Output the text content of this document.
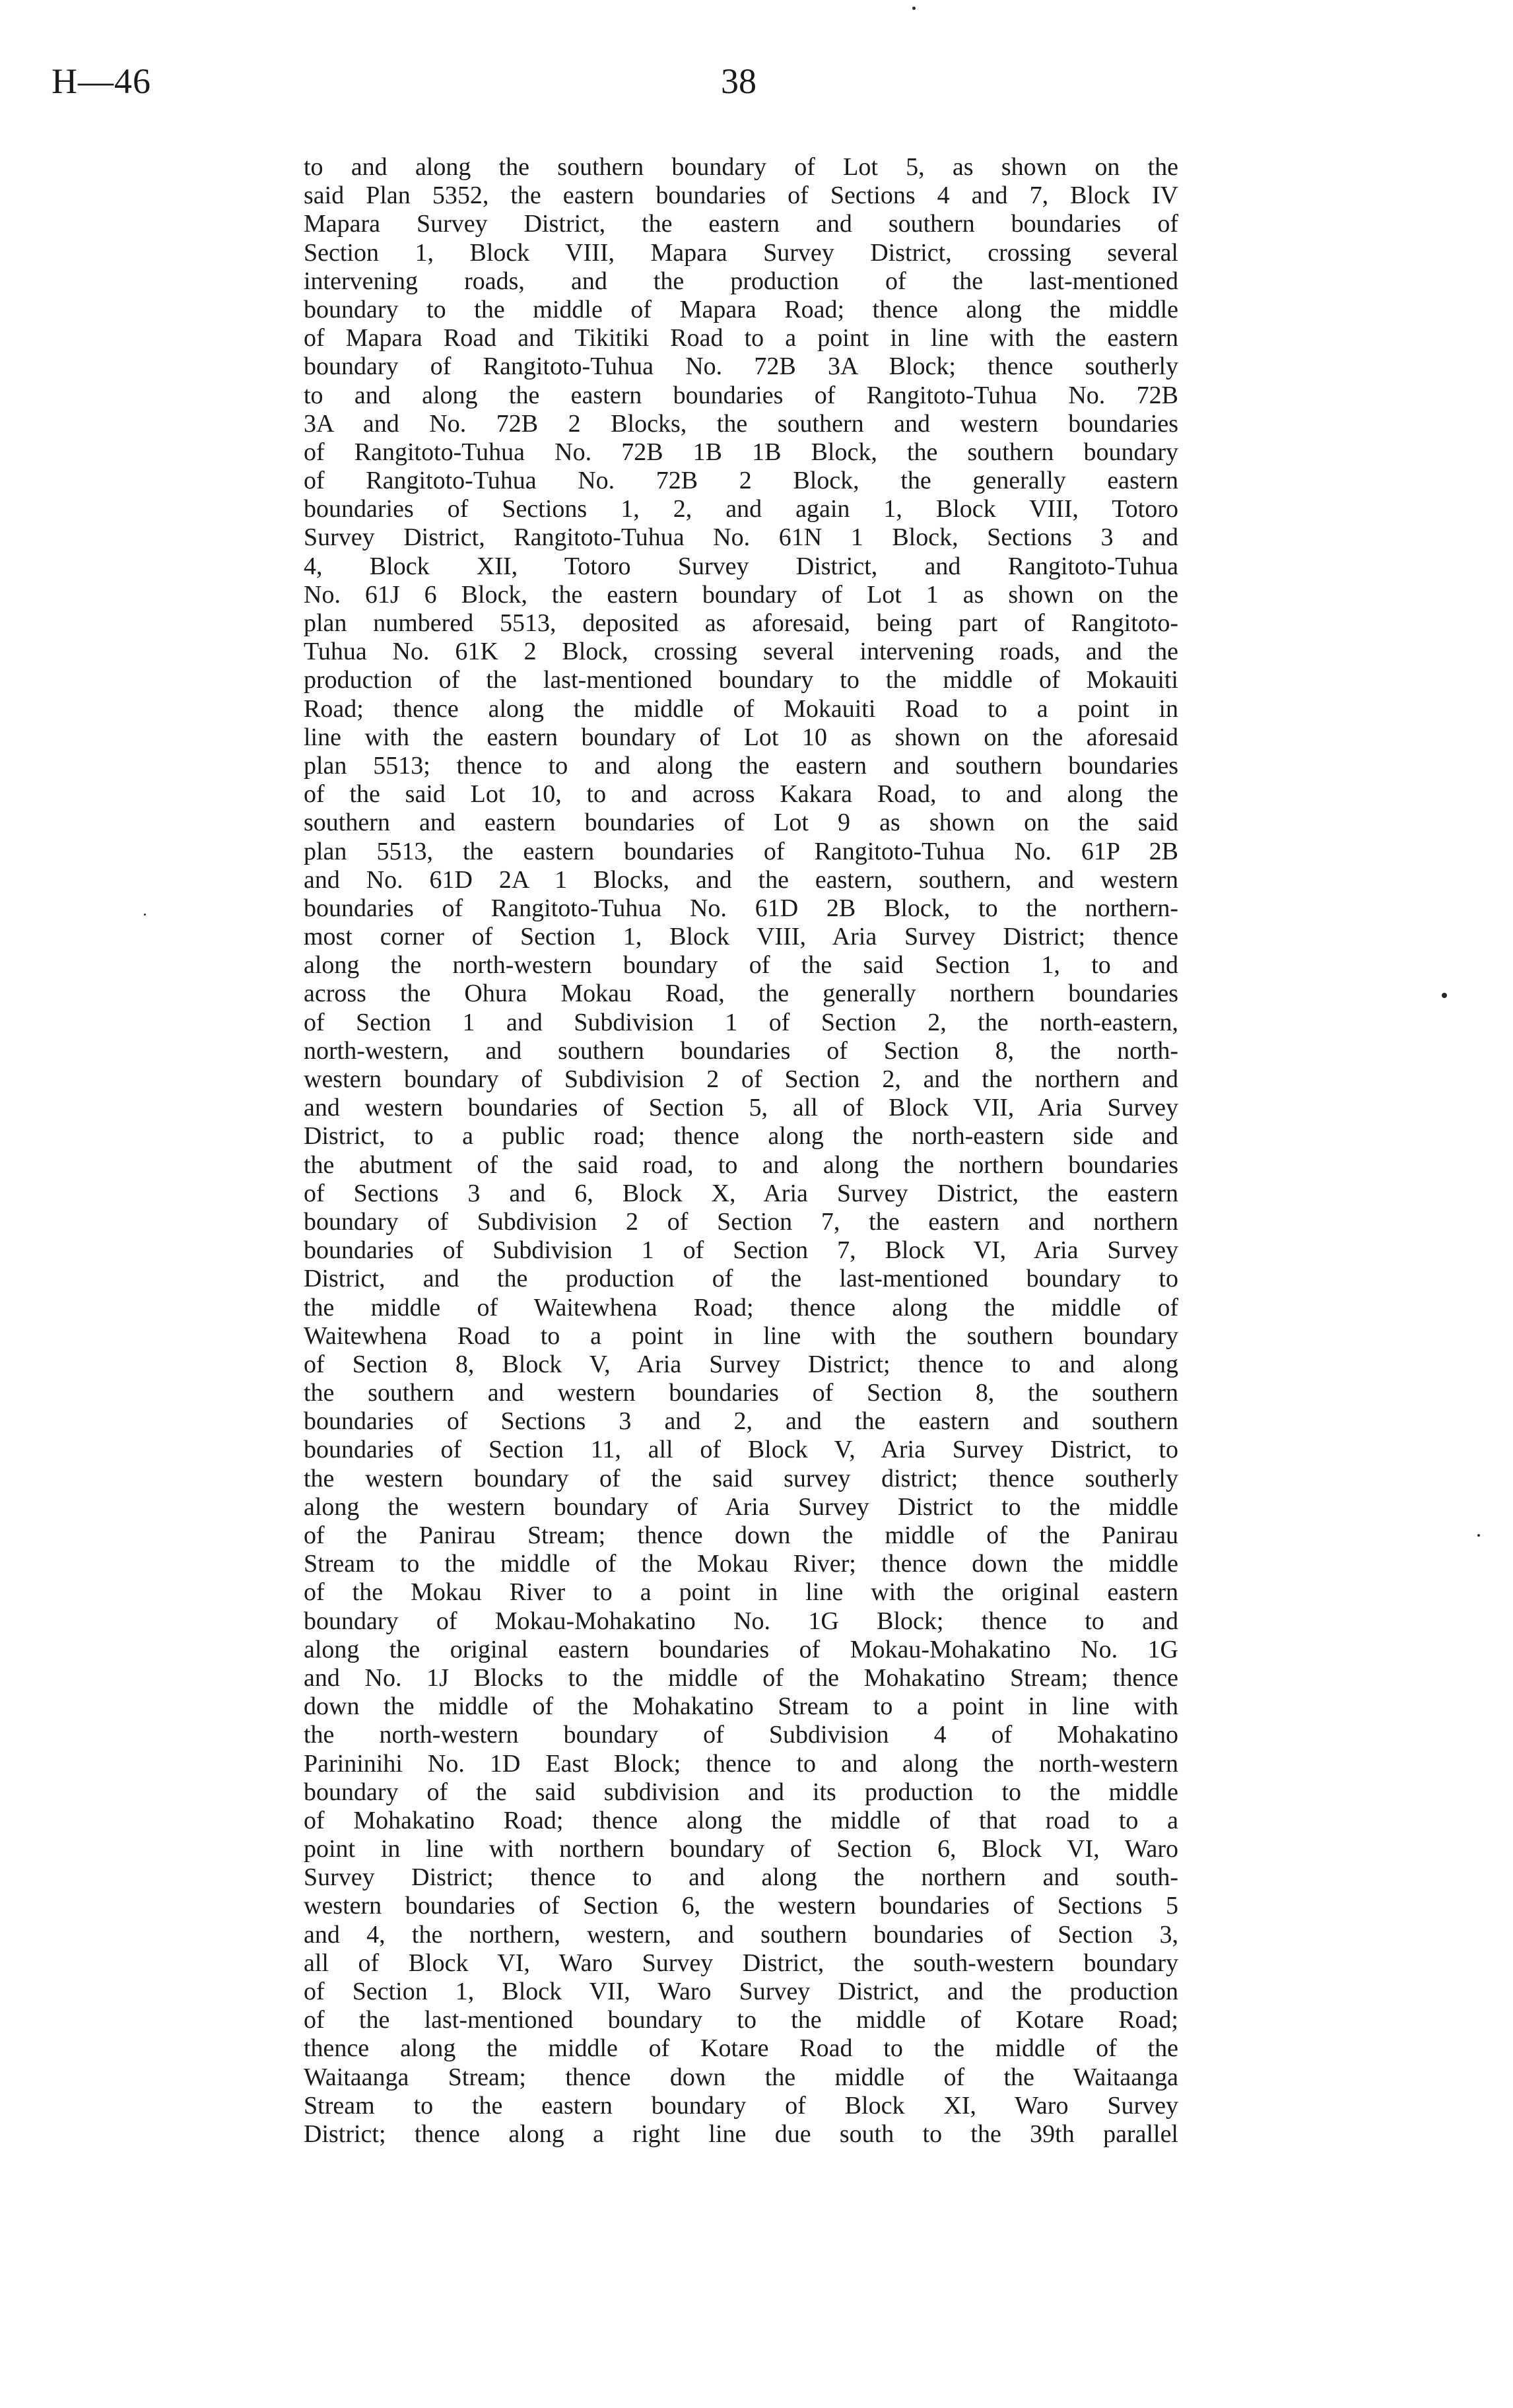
H—46	38
to and along the southern boundary of Lot 5, as shown on the
said Plan 5352, the eastern boundaries of Sections 4 and 7, Block IV
Mapara Survey District, the eastern and southern boundaries of
Section 1, Block VIII, Mapara Survey District, crossing several
intervening roads, and the production of the last-mentioned
boundary to the middle of Mapara Road; thence along the middle
of Mapara Road and Tikitiki Road to a point in line with the eastern
boundary of Rangitoto-Tuhua No. 72B 3A Block; thence southerly
to and along the eastern boundaries of Rangitoto-Tuhua No. 72B
3A and No. 72B 2 Blocks, the southern and western boundaries
of Rangitoto-Tuhua No. 72B 1B 1B Block, the southern boundary
of Rangitoto-Tuhua No. 72B 2 Block, the generally eastern
boundaries of Sections 1, 2, and again 1, Block VIII, Totoro
Survey District, Rangitoto-Tuhua No. 61N 1 Block, Sections 3 and
4, Block XII, Totoro Survey District, and Rangitoto-Tuhua
No. 61J 6 Block, the eastern boundary of Lot 1 as shown on the
plan numbered 5513, deposited as aforesaid, being part of Rangitoto-
Tuhua No. 61K 2 Block, crossing several intervening roads, and the
production of the last-mentioned boundary to the middle of Mokauiti
Road; thence along the middle of Mokauiti Road to a point in
line with the eastern boundary of Lot 10 as shown on the aforesaid
plan 5513; thence to and along the eastern and southern boundaries
of the said Lot 10, to and across Kakara Road, to and along the
southern and eastern boundaries of Lot 9 as shown on the said
plan 5513, the eastern boundaries of Rangitoto-Tuhua No. 61P 2B
and No. 61D 2A 1 Blocks, and the eastern, southern, and western
boundaries of Rangitoto-Tuhua No. 61D 2B Block, to the northern-
most corner of Section 1, Block VIII, Aria Survey District; thence
along the north-western boundary of the said Section 1, to and
across the Ohura Mokau Road, the generally northern boundaries
of Section 1 and Subdivision 1 of Section 2, the north-eastern,
north-western, and southern boundaries of Section 8, the north-
western boundary of Subdivision 2 of Section 2, and the northern and
and western boundaries of Section 5, all of Block VII, Aria Survey
District, to a public road; thence along the north-eastern side and
the abutment of the said road, to and along the northern boundaries
of Sections 3 and 6, Block X, Aria Survey District, the eastern
boundary of Subdivision 2 of Section 7, the eastern and northern
boundaries of Subdivision 1 of Section 7, Block VI, Aria Survey
District, and the production of the last-mentioned boundary to
the middle of Waitewhena Road; thence along the middle of
Waitewhena Road to a point in line with the southern boundary
of Section 8, Block V, Aria Survey District; thence to and along
the southern and western boundaries of Section 8, the southern
boundaries of Sections 3 and 2, and the eastern and southern
boundaries of Section 11, all of Block V, Aria Survey District, to
the western boundary of the said survey district; thence southerly
along the western boundary of Aria Survey District to the middle
of the Panirau Stream; thence down the middle of the Panirau
Stream to the middle of the Mokau River; thence down the middle
of the Mokau River to a point in line with the original eastern
boundary of Mokau-Mohakatino No. 1G Block; thence to and
along the original eastern boundaries of Mokau-Mohakatino No. 1G
and No. 1J Blocks to the middle of the Mohakatino Stream; thence
down the middle of the Mohakatino Stream to a point in line with
the north-western boundary of Subdivision 4 of Mohakatino
Parininihi No. 1D East Block; thence to and along the north-western
boundary of the said subdivision and its production to the middle
of Mohakatino Road; thence along the middle of that road to a
point in line with northern boundary of Section 6, Block VI, Waro
Survey District; thence to and along the northern and south-
western boundaries of Section 6, the western boundaries of Sections 5
and 4, the northern, western, and southern boundaries of Section 3,
all of Block VI, Waro Survey District, the south-western boundary
of Section 1, Block VII, Waro Survey District, and the production
of the last-mentioned boundary to the middle of Kotare Road;
thence along the middle of Kotare Road to the middle of the
Waitaanga Stream; thence down the middle of the Waitaanga
Stream to the eastern boundary of Block XI, Waro Survey
District; thence along a right line due south to the 39th parallel
